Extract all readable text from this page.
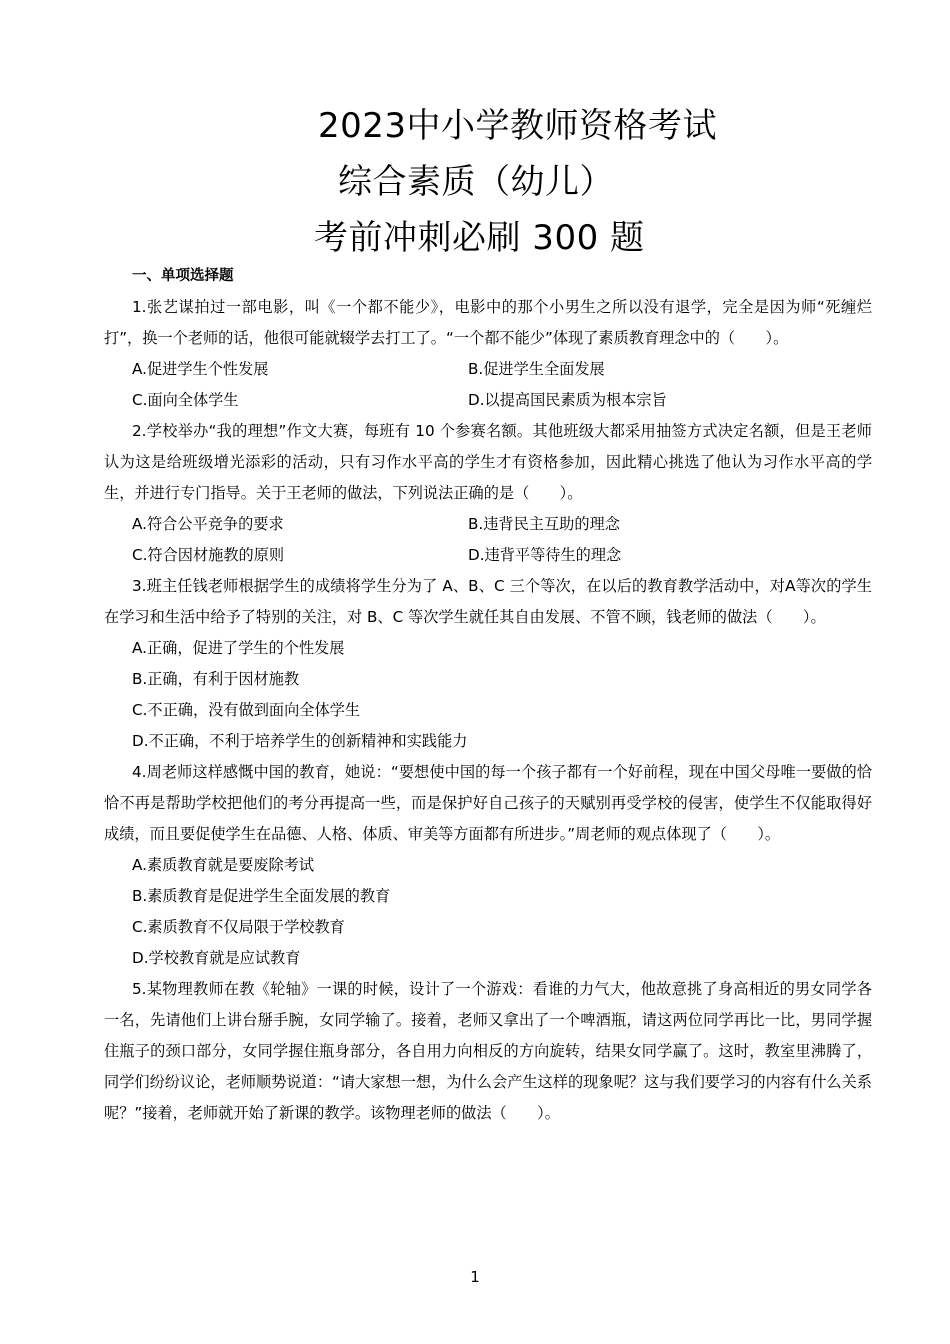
2023中小学教师资格考试
综合素质（幼儿）
考前冲刺必刷 300 题
一、单项选择题

1.张艺谋拍过一部电影，叫《一个都不能少》，电影中的那个小男生之所以没有退学，完全是因为师“死缠烂打”，换一个老师的话，他很可能就辍学去打工了。“一个都不能少”体现了素质教育理念中的（　　）。

A.促进学生个性发展	B.促进学生全面发展
C.面向全体学生	D.以提高国民素质为根本宗旨

2.学校举办“我的理想”作文大赛，每班有 10 个参赛名额。其他班级大都采用抽签方式决定名额，但是王老师认为这是给班级增光添彩的活动，只有习作水平高的学生才有资格参加，因此精心挑选了他认为习作水平高的学生，并进行专门指导。关于王老师的做法，下列说法正确的是（　　）。

A.符合公平竞争的要求	B.违背民主互助的理念
C.符合因材施教的原则	D.违背平等待生的理念

3.班主任钱老师根据学生的成绩将学生分为了 A、B、C 三个等次，在以后的教育教学活动中，对A等次的学生在学习和生活中给予了特别的关注，对 B、C 等次学生就任其自由发展、不管不顾，钱老师的做法（　　）。

A.正确，促进了学生的个性发展
B.正确，有利于因材施教
C.不正确，没有做到面向全体学生
D.不正确，不利于培养学生的创新精神和实践能力

4.周老师这样感慨中国的教育，她说：“要想使中国的每一个孩子都有一个好前程，现在中国父母唯一要做的恰恰不再是帮助学校把他们的考分再提高一些，而是保护好自己孩子的天赋别再受学校的侵害，使学生不仅能取得好成绩，而且要促使学生在品德、人格、体质、审美等方面都有所进步。”周老师的观点体现了（　　）。

A.素质教育就是要废除考试
B.素质教育是促进学生全面发展的教育
C.素质教育不仅局限于学校教育
D.学校教育就是应试教育

5.某物理教师在教《轮轴》一课的时候，设计了一个游戏：看谁的力气大，他故意挑了身高相近的男女同学各一名，先请他们上讲台掰手腕，女同学输了。接着，老师又拿出了一个啤酒瓶，请这两位同学再比一比，男同学握住瓶子的颈口部分，女同学握住瓶身部分，各自用力向相反的方向旋转，结果女同学赢了。这时，教室里沸腾了，同学们纷纷议论，老师顺势说道：“请大家想一想，为什么会产生这样的现象呢？这与我们要学习的内容有什么关系呢？”接着，老师就开始了新课的教学。该物理老师的做法（　　）。

1
